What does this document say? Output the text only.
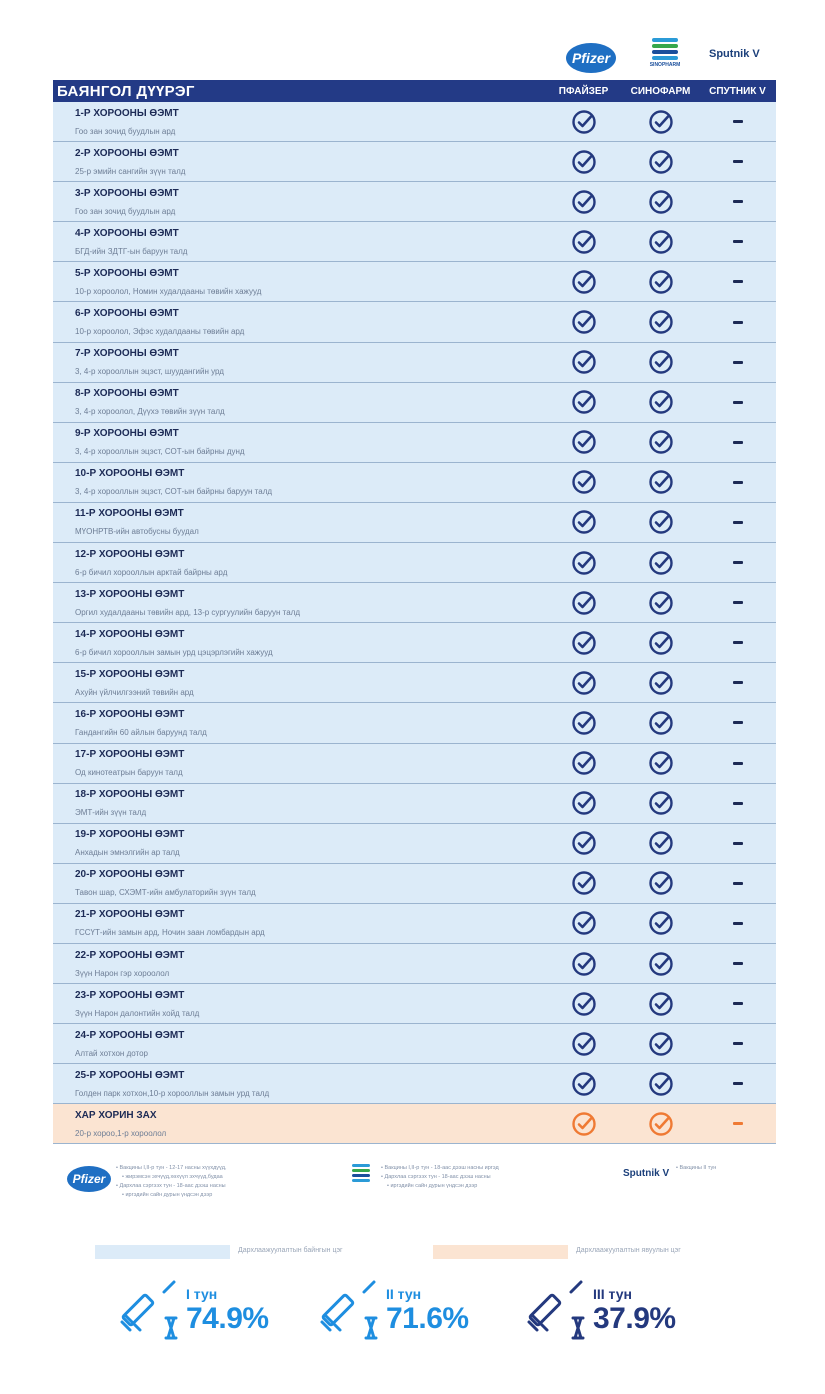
Pfizer	SINOPHARM
Sputnik V

БАЯНГОЛ ДҮҮРЭГ	ПФАЙЗЕР	СИНОФАРМ	СПУТНИК V
1-Р ХОРООНЫ ӨЭМТ
Гоо зан зочид буудлын ард
2-Р ХОРООНЫ ӨЭМТ
25-р эмийн сангийн зүүн талд
3-Р ХОРООНЫ ӨЭМТ
Гоо зан зочид буудлын ард
4-Р ХОРООНЫ ӨЭМТ
БГД-ийн ЗДТГ-ын баруун талд
5-Р ХОРООНЫ ӨЭМТ
10-р хороолол, Номин худалдааны төвийн хажууд
6-Р ХОРООНЫ ӨЭМТ
10-р хороолол, Эфэс худалдааны төвийн ард
7-Р ХОРООНЫ ӨЭМТ
3, 4-р хорооллын эцэст, шуудангийн урд
8-Р ХОРООНЫ ӨЭМТ
3, 4-р хороолол, Дүүхэ төвийн зүүн талд
9-Р ХОРООНЫ ӨЭМТ
3, 4-р хорооллын эцэст, СОТ-ын байрны дунд
10-Р ХОРООНЫ ӨЭМТ
3, 4-р хорооллын эцэст, СОТ-ын байрны баруун талд
11-Р ХОРООНЫ ӨЭМТ
МҮОНРТВ-ийн автобусны буудал
12-Р ХОРООНЫ ӨЭМТ
6-р бичил хорооллын арктай байрны ард
13-Р ХОРООНЫ ӨЭМТ
Оргил худалдааны төвийн ард, 13-р сургуулийн баруун талд
14-Р ХОРООНЫ ӨЭМТ
6-р бичил хорооллын замын урд цэцэрлэгийн хажууд
15-Р ХОРООНЫ ӨЭМТ
Ахуйн үйлчилгээний төвийн ард
16-Р ХОРООНЫ ӨЭМТ
Гандангийн 60 айлын баруунд талд
17-Р ХОРООНЫ ӨЭМТ
Од кинотеатрын баруун талд
18-Р ХОРООНЫ ӨЭМТ
ЭМТ-ийн зүүн талд
19-Р ХОРООНЫ ӨЭМТ
Анхадын эмнэлгийн ар талд
20-Р ХОРООНЫ ӨЭМТ
Тавон шар, СХЭМТ-ийн амбулаторийн зүүн талд
21-Р ХОРООНЫ ӨЭМТ
ГССҮТ-ийн замын ард, Ночин заан ломбардын ард
22-Р ХОРООНЫ ӨЭМТ
Зүүн Нарон гэр хороолол
23-Р ХОРООНЫ ӨЭМТ
Зүүн Нарон далонтийн хойд талд
24-Р ХОРООНЫ ӨЭМТ
Алтай хотхон дотор
25-Р ХОРООНЫ ӨЭМТ
Голден парк хотхон,10-р хорооллын замын урд талд
ХАР ХОРИН ЗАХ
20-р хороо,1-р хороолол
Pfizer
• Вакцины I,II-р тун - 12-17 насны хүүхдүүд,
• жирэмсэн эхчүүд,хөхүүл эхчүүд,будаа
• Дархлаа сэргээх тун - 18-аас дээш насны
• иргэдийн сайн дурын үндсэн дээр
• Вакцины I,II-р тун - 18-аас дээш насны иргэд
• Дархлаа сэргээх тун - 18-аас дээш насны
• иргэдийн сайн дурын үндсэн дээр
Sputnik V
•	Вакцины II тун
Дархлаажуулалтын байнгын цэг	Дархлаажуулалтын явуулын цэг
I тун
74.9%
II тун
71.6%
III тун
37.9%
